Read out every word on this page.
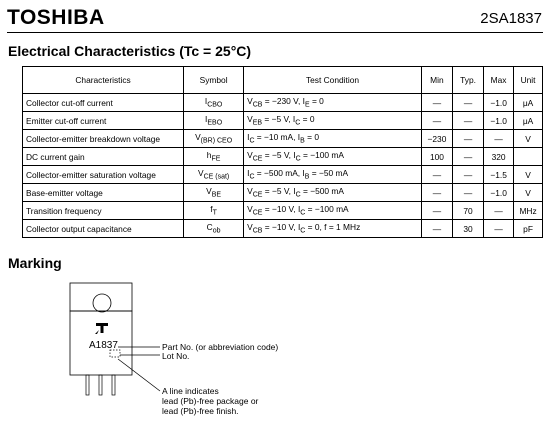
TOSHIBA	2SA1837
Electrical Characteristics (Tc = 25°C)
Characteristics	Symbol	Test Condition	Min	Typ.	Max	Unit
Collector cut-off current	$I_{CBO}$	$V_{CB} = -230$ V, $I_E = 0$	—	—	−1.0	μA
Emitter cut-off current	$I_{EBO}$	$V_{EB} = -5$ V, $I_C = 0$	—	—	−1.0	μA
Collector-emitter breakdown voltage	$V_{(BR) CEO}$	$I_C = -10$ mA, $I_B = 0$	−230	—	—	V
DC current gain	$h_{FE}$	$V_{CE} = -5$ V, $I_C = -100$ mA	100	—	320	
Collector-emitter saturation voltage	$V_{CE (sat)}$	$I_C = -500$ mA, $I_B = -50$ mA	—	—	−1.5	V
Base-emitter voltage	$V_{BE}$	$V_{CE} = -5$ V, $I_C = -500$ mA	—	—	−1.0	V
Transition frequency	$f_T$	$V_{CE} = -10$ V, $I_C = -100$ mA	—	70	—	MHz
Collector output capacitance	$C_{ob}$	$V_{CB} = -10$ V, $I_C = 0$, f = 1 MHz	—	30	—	pF
Marking
A1837	Part No. (or abbreviation code)
Lot No.
A line indicates
lead (Pb)-free package or
lead (Pb)-free finish.
